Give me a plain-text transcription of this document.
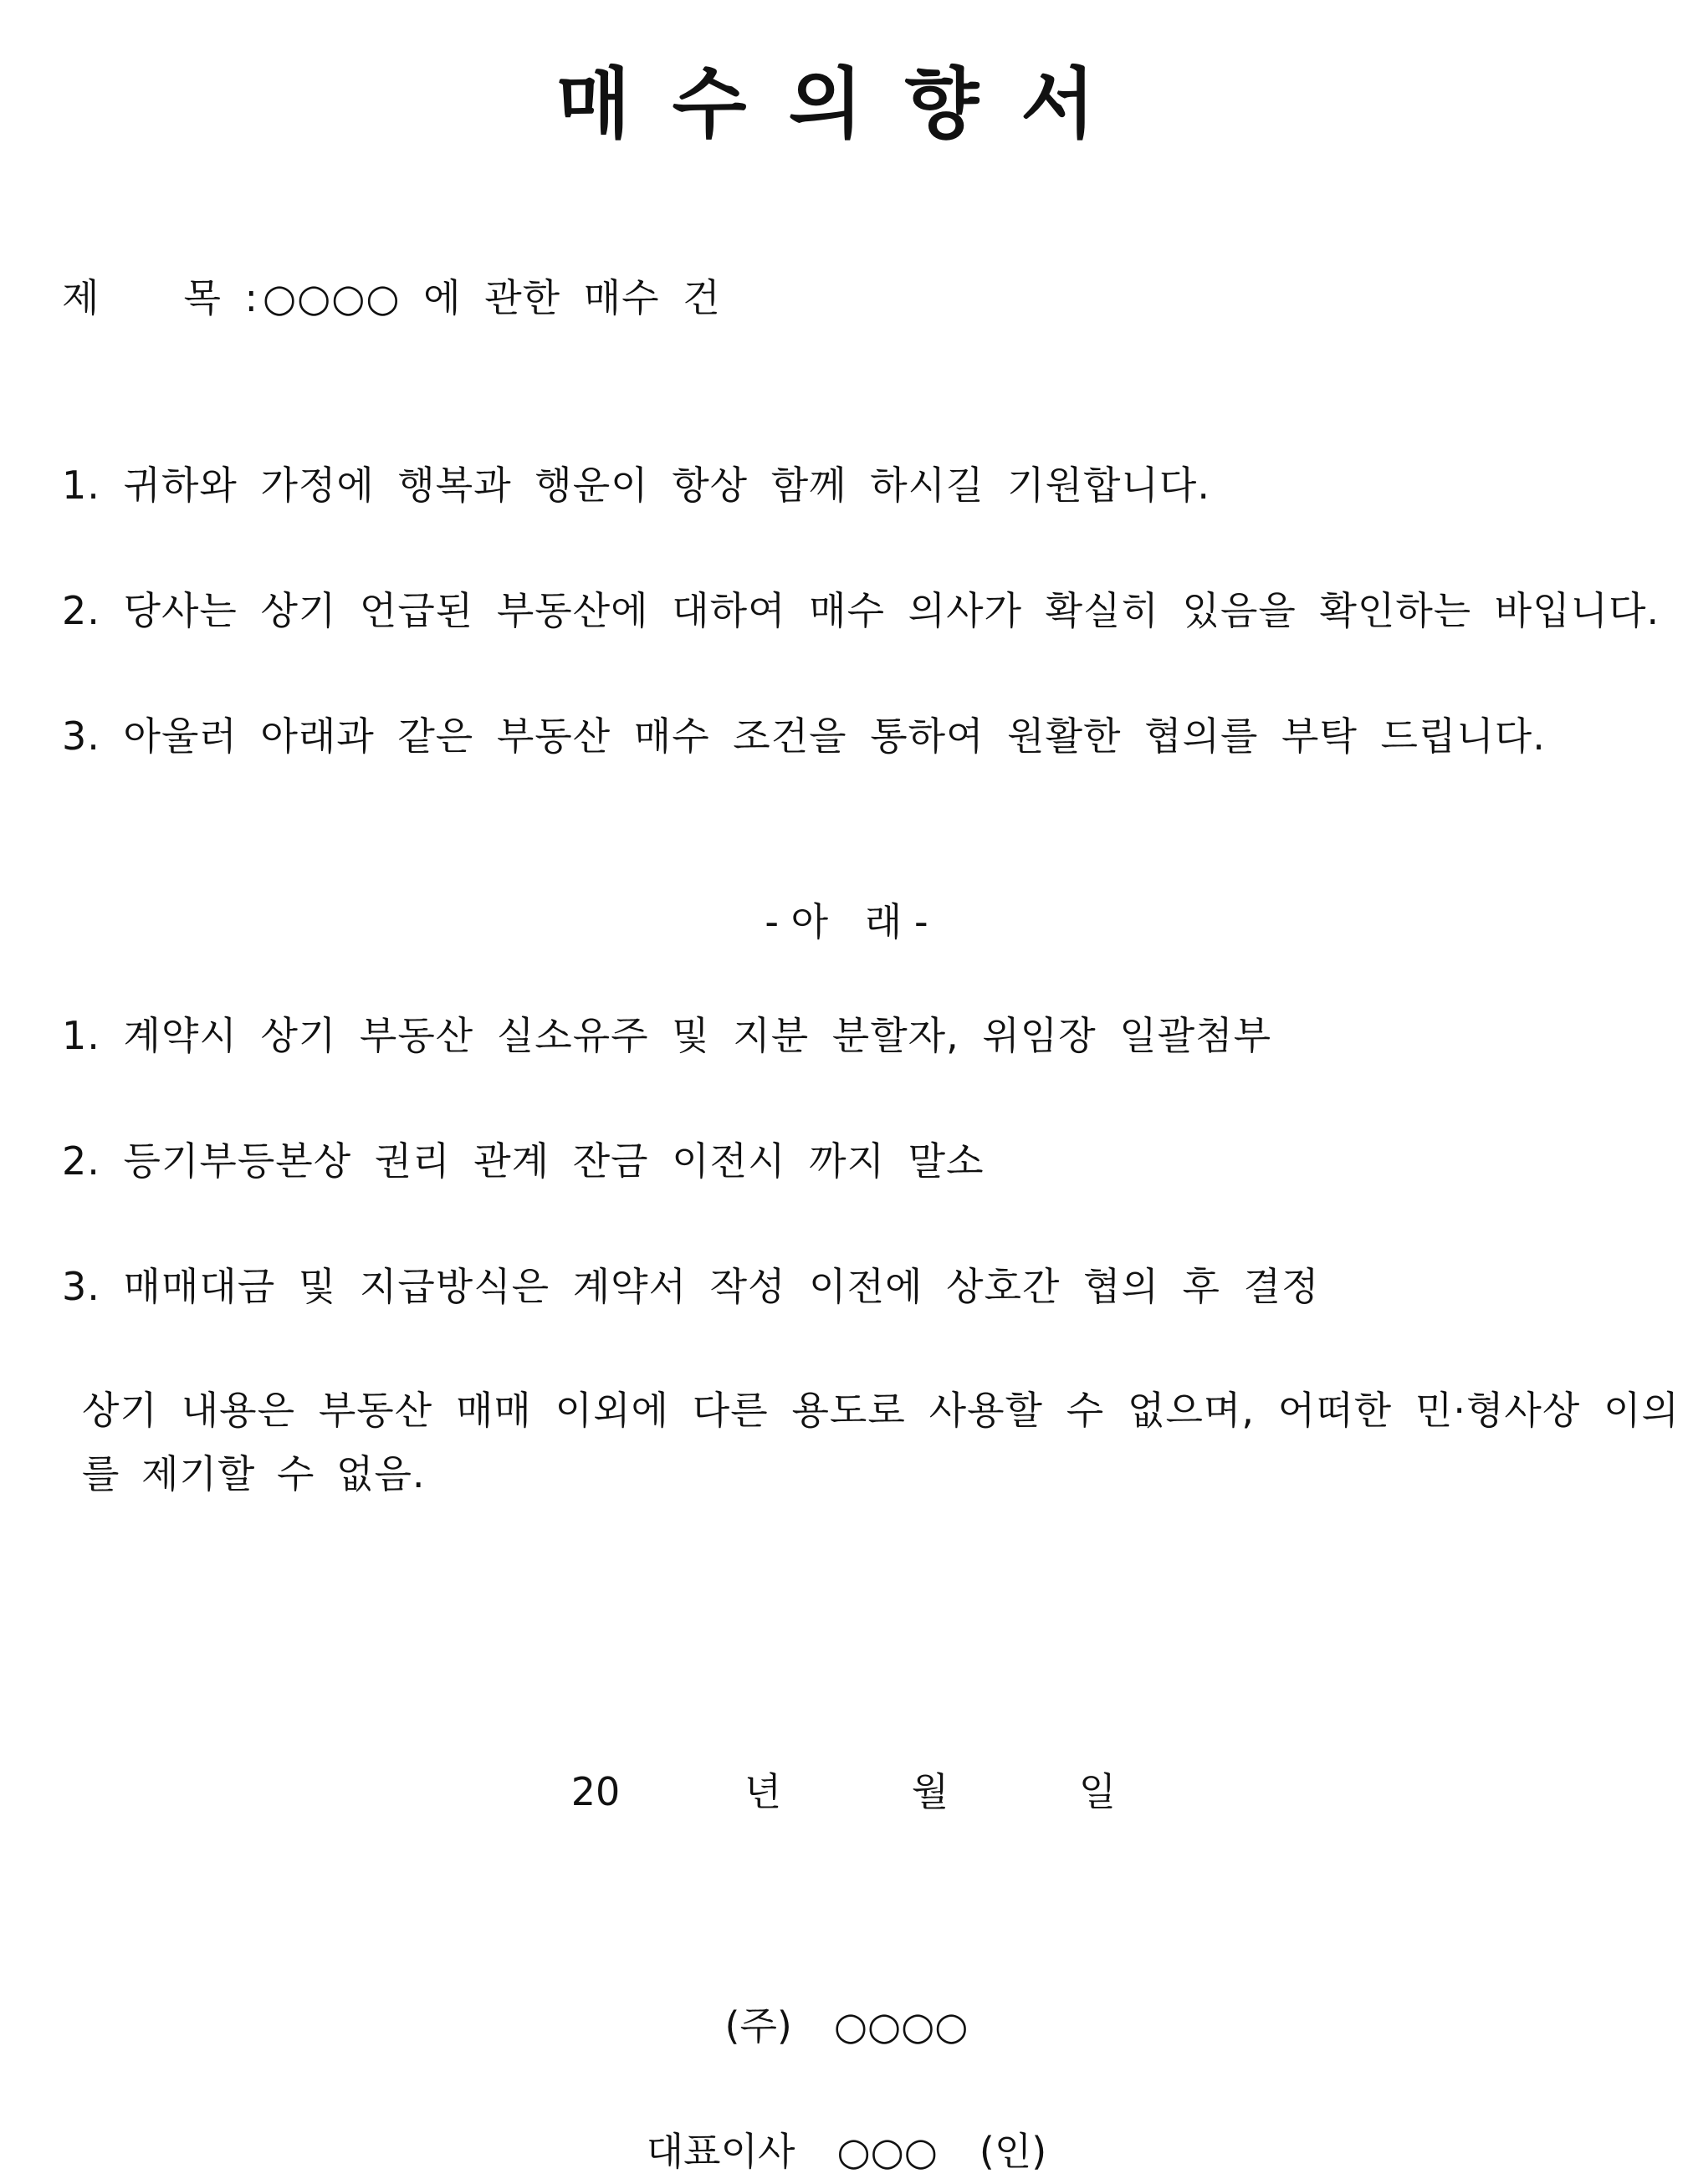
매수의향서
제 목 : ○○○○ 에 관한 매수 건
1. 귀하와 가정에 행복과 행운이 항상 함께 하시길 기원합니다.
2. 당사는 상기 언급된 부동산에 대하여 매수 의사가 확실히 있음을 확인하는 바입니다.
3. 아울러 아래과 같은 부동산 매수 조건을 통하여 원활한 협의를 부탁 드립니다.
- 아   래 -
1. 계약시 상기 부동산 실소유주 및 지분 분할자, 위임장 일괄첨부
2. 등기부등본상 권리 관계 잔금 이전시 까지 말소
3. 매매대금 및 지급방식은 계약서 작성 이전에 상호간 협의 후 결정
상기 내용은 부동산 매매 이외에 다른 용도로 사용할 수 없으며, 어떠한 민·형사상 이의를 제기할 수 없음.
20	년	월	일
(주) ○○○○
대표이사 ○○○ (인)
